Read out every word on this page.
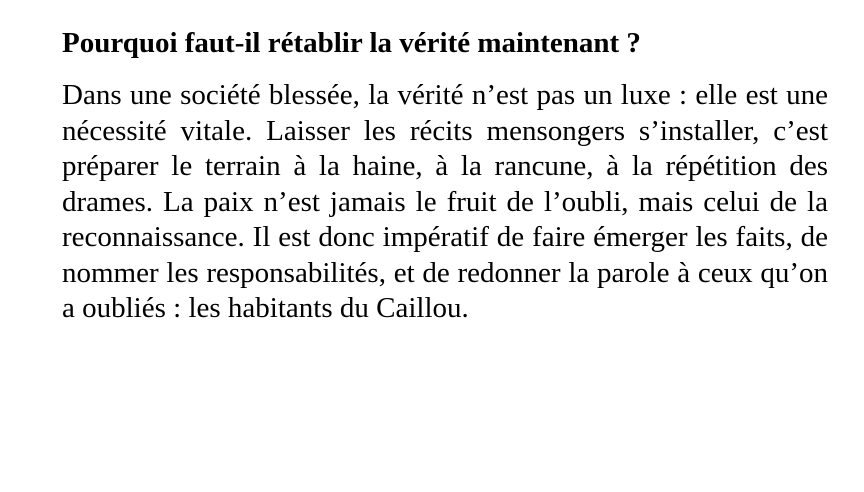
Pourquoi faut-il rétablir la vérité maintenant ?

Dans une société blessée, la vérité n’est pas un luxe : elle est une nécessité vitale. Laisser les récits mensongers s’installer, c’est préparer le terrain à la haine, à la rancune, à la répétition des drames. La paix n’est jamais le fruit de l’oubli, mais celui de la reconnaissance. Il est donc impératif de faire émerger les faits, de nommer les responsabilités, et de redonner la parole à ceux qu’on a oubliés : les habitants du Caillou.
